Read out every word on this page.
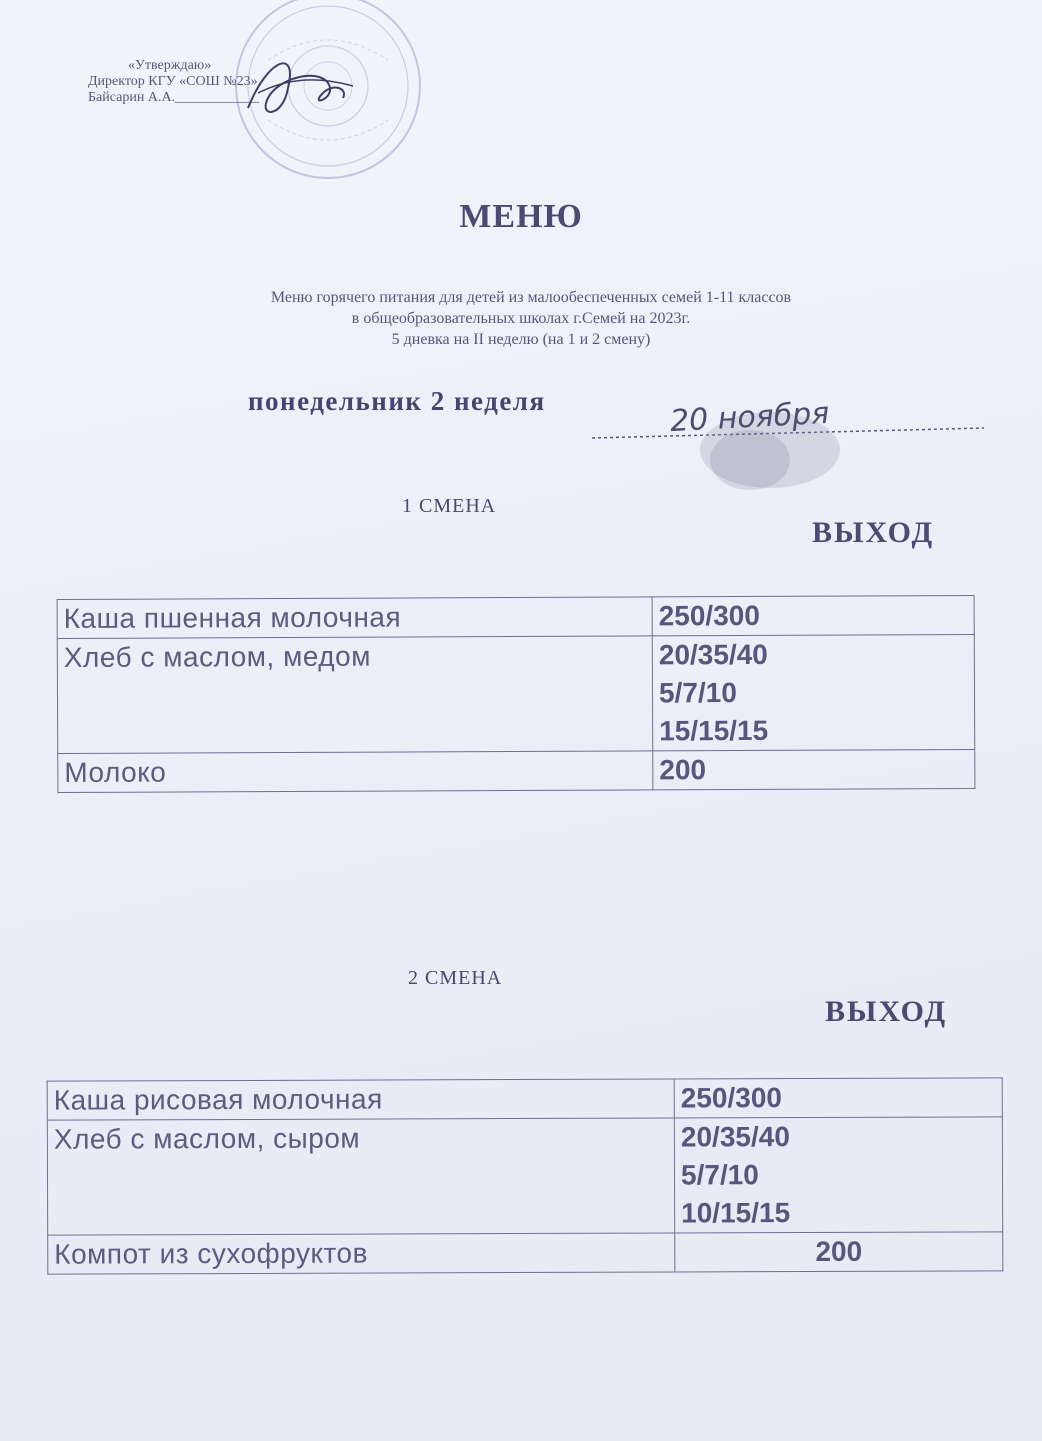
«Утверждаю»
Директор КГУ «СОШ №23»
Байсарин А.А.____________
МЕНЮ
Меню горячего питания для детей из малообеспеченных семей 1-11 классов
в общеобразовательных школах г.Семей на 2023г.
5 дневка на II неделю (на 1 и 2 смену)
понедельник 2 неделя	20 ноября
1 СМЕНА
ВЫХОД
Каша пшенная молочная	250/300

Хлеб с маслом, медом	20/35/40
5/7/10
15/15/15

Молоко	200
2 СМЕНА
ВЫХОД
Каша рисовая молочная	250/300

Хлеб с маслом, сыром	20/35/40
5/7/10
10/15/15

Компот из сухофруктов	200
